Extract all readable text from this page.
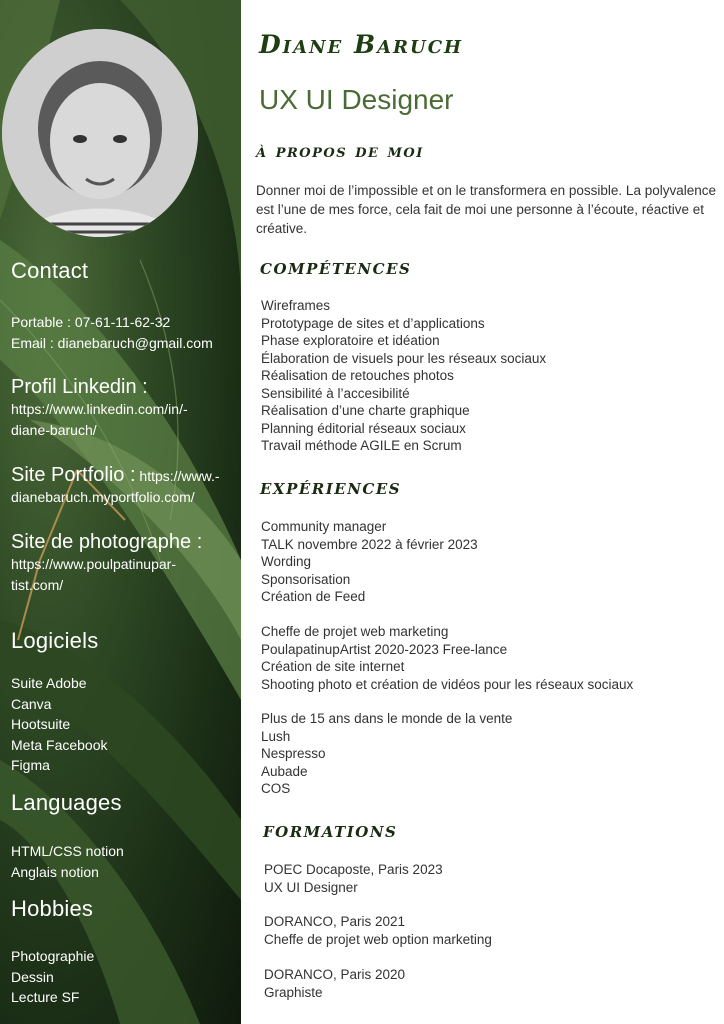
Contact

Portable : 07-61-11-62-32

Email : dianebaruch@gmail.com

Profil Linkedin :

https://www.linkedin.com/in/-

diane-baruch/

Site Portfolio : https://www.-

dianebaruch.myportfolio.com/

Site de photographe :

https://www.poulpatinupar-

tist.com/

Logiciels

Suite Adobe

Canva

Hootsuite

Meta Facebook

Figma

Languages

HTML/CSS notion

Anglais notion

Hobbies

Photographie

Dessin

Lecture SF

Diane Baruch
UX UI Designer
à propos de moi
Donner moi de l’impossible et on le transformera en possible. La polyvalence est l’une de mes force, cela fait de moi une personne à l’écoute, réactive et créative.
compétences
Wireframes
Prototypage de sites et d’applications
Phase exploratoire et idéation
Élaboration de visuels pour les réseaux sociaux
Réalisation de retouches photos
Sensibilité à l’accesibilité
Réalisation d’une charte graphique
Planning éditorial réseaux sociaux
Travail méthode AGILE en Scrum
expériences
Community manager
TALK novembre 2022 à février 2023
Wording
Sponsorisation
Création de Feed
Cheffe de projet web marketing
PoulapatinupArtist 2020-2023 Free-lance
Création de site internet
Shooting photo et création de vidéos pour les réseaux sociaux
Plus de 15 ans dans le monde de la vente
Lush
Nespresso
Aubade
COS
formations
POEC Docaposte, Paris 2023
UX UI Designer
DORANCO, Paris 2021
Cheffe de projet web option marketing
DORANCO, Paris 2020
Graphiste
